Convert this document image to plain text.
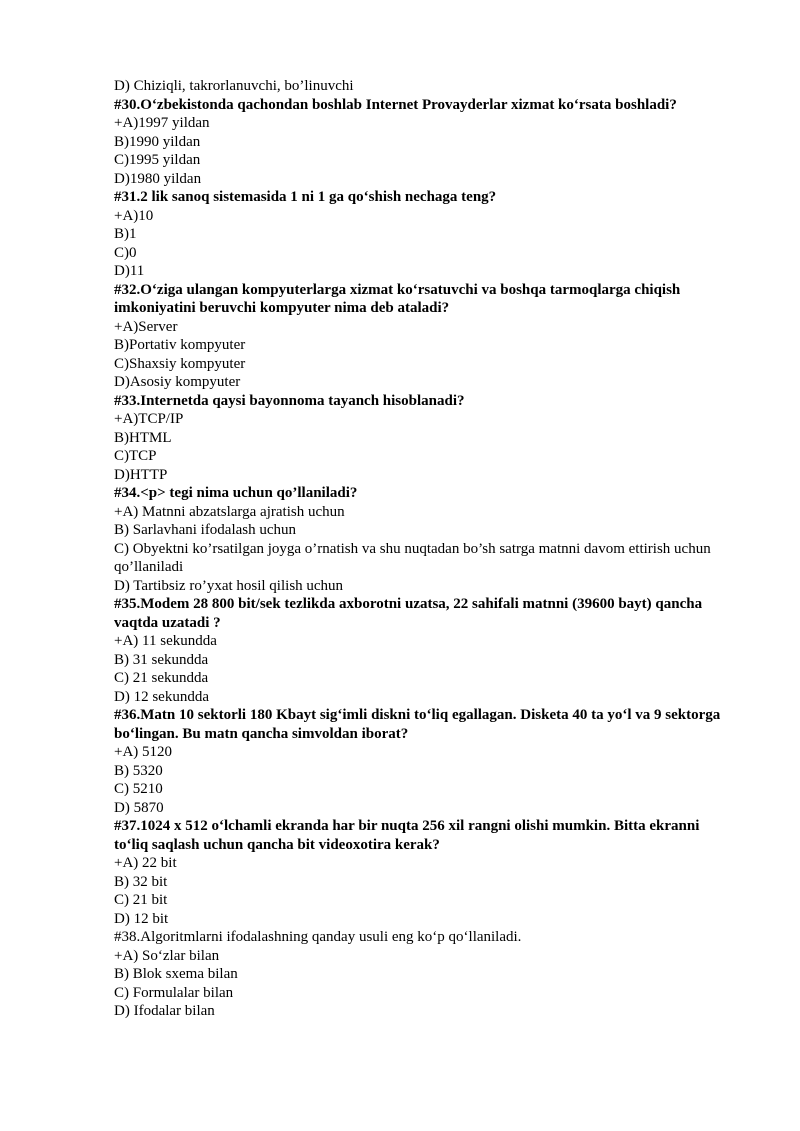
D) Chiziqli, takrorlanuvchi, bo’linuvchi

#30.O‘zbekistonda qachondan boshlab Internet Provayderlar xizmat ko‘rsata boshladi?

+A)1997 yildan

B)1990 yildan

C)1995 yildan

D)1980 yildan

#31.2 lik sanoq sistemasida 1 ni 1 ga qo‘shish nechaga teng?

+A)10

B)1

C)0

D)11

#32.O‘ziga ulangan kompyuterlarga xizmat ko‘rsatuvchi va boshqa tarmoqlarga chiqish imkoniyatini beruvchi kompyuter nima deb ataladi?

+A)Server

B)Portativ kompyuter

C)Shaxsiy kompyuter

D)Asosiy kompyuter

#33.Internetda qaysi bayonnoma tayanch hisoblanadi?

+A)TCP/IP

B)HTML

C)TCP

D)HTTP

#34.<p> tegi nima uchun qo’llaniladi?

+A) Matnni abzatslarga ajratish uchun

B) Sarlavhani ifodalash uchun

C) Obyektni ko’rsatilgan joyga o’rnatish va shu nuqtadan bo’sh satrga matnni davom ettirish uchun qo’llaniladi

D) Tartibsiz ro’yxat hosil qilish uchun

#35.Modem 28 800 bit/sek tezlikda axborotni uzatsa, 22 sahifali matnni (39600 bayt) qancha vaqtda uzatadi ?

+A) 11 sekundda

B) 31 sekundda

C) 21 sekundda

D) 12 sekundda

#36.Matn 10 sektorli 180 Kbayt sig‘imli diskni to‘liq egallagan. Disketa 40 ta yo‘l va 9 sektorga bo‘lingan. Bu matn qancha simvoldan iborat?

+A) 5120

B) 5320

C) 5210

D) 5870

#37.1024 x 512 o‘lchamli ekranda har bir nuqta 256 xil rangni olishi mumkin. Bitta ekranni to‘liq saqlash uchun qancha bit videoxotira kerak?

+A) 22 bit

B) 32 bit

C) 21 bit

D) 12 bit

#38.Algoritmlarni ifodalashning qanday usuli eng ko‘p qo‘llaniladi.

+A) So‘zlar bilan

B) Blok sxema bilan

C) Formulalar bilan

D) Ifodalar bilan
